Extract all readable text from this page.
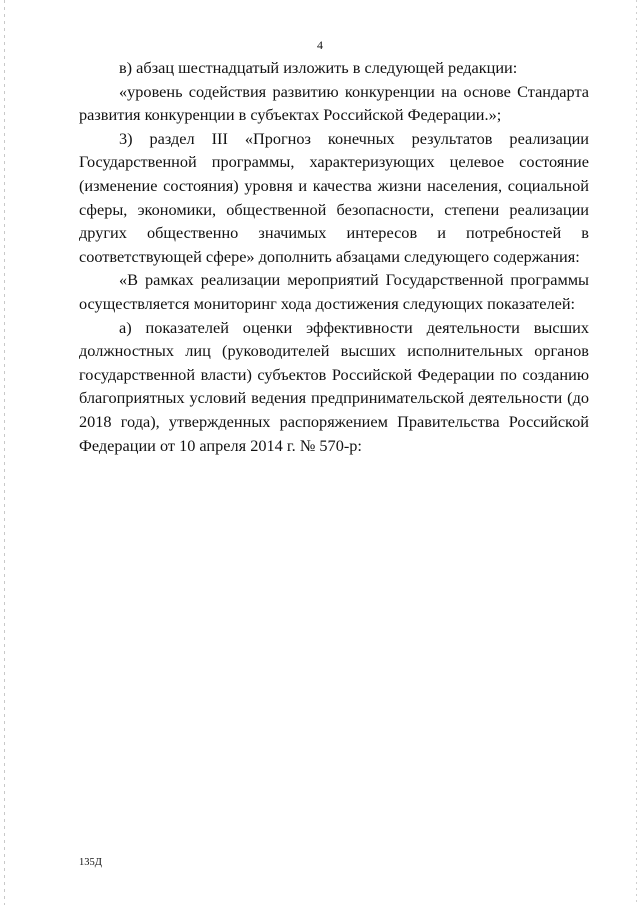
4

в) абзац шестнадцатый изложить в следующей редакции:

«уровень содействия развитию конкуренции на основе Стандарта развития конкуренции в субъектах Российской Федерации.»;

3) раздел III «Прогноз конечных результатов реализации Государственной программы, характеризующих целевое состояние (изменение состояния) уровня и качества жизни населения, социальной сферы, экономики, общественной безопасности, степени реализации других общественно значимых интересов и потребностей в соответствующей сфере» дополнить абзацами следующего содержания:

«В рамках реализации мероприятий Государственной программы осуществляется мониторинг хода достижения следующих показателей:

а) показателей оценки эффективности деятельности высших должностных лиц (руководителей высших исполнительных органов государственной власти) субъектов Российской Федерации по созданию благоприятных условий ведения предпринимательской деятельности (до 2018 года), утвержденных распоряжением Правительства Российской Федерации от 10 апреля 2014 г. № 570-р:

135Д
